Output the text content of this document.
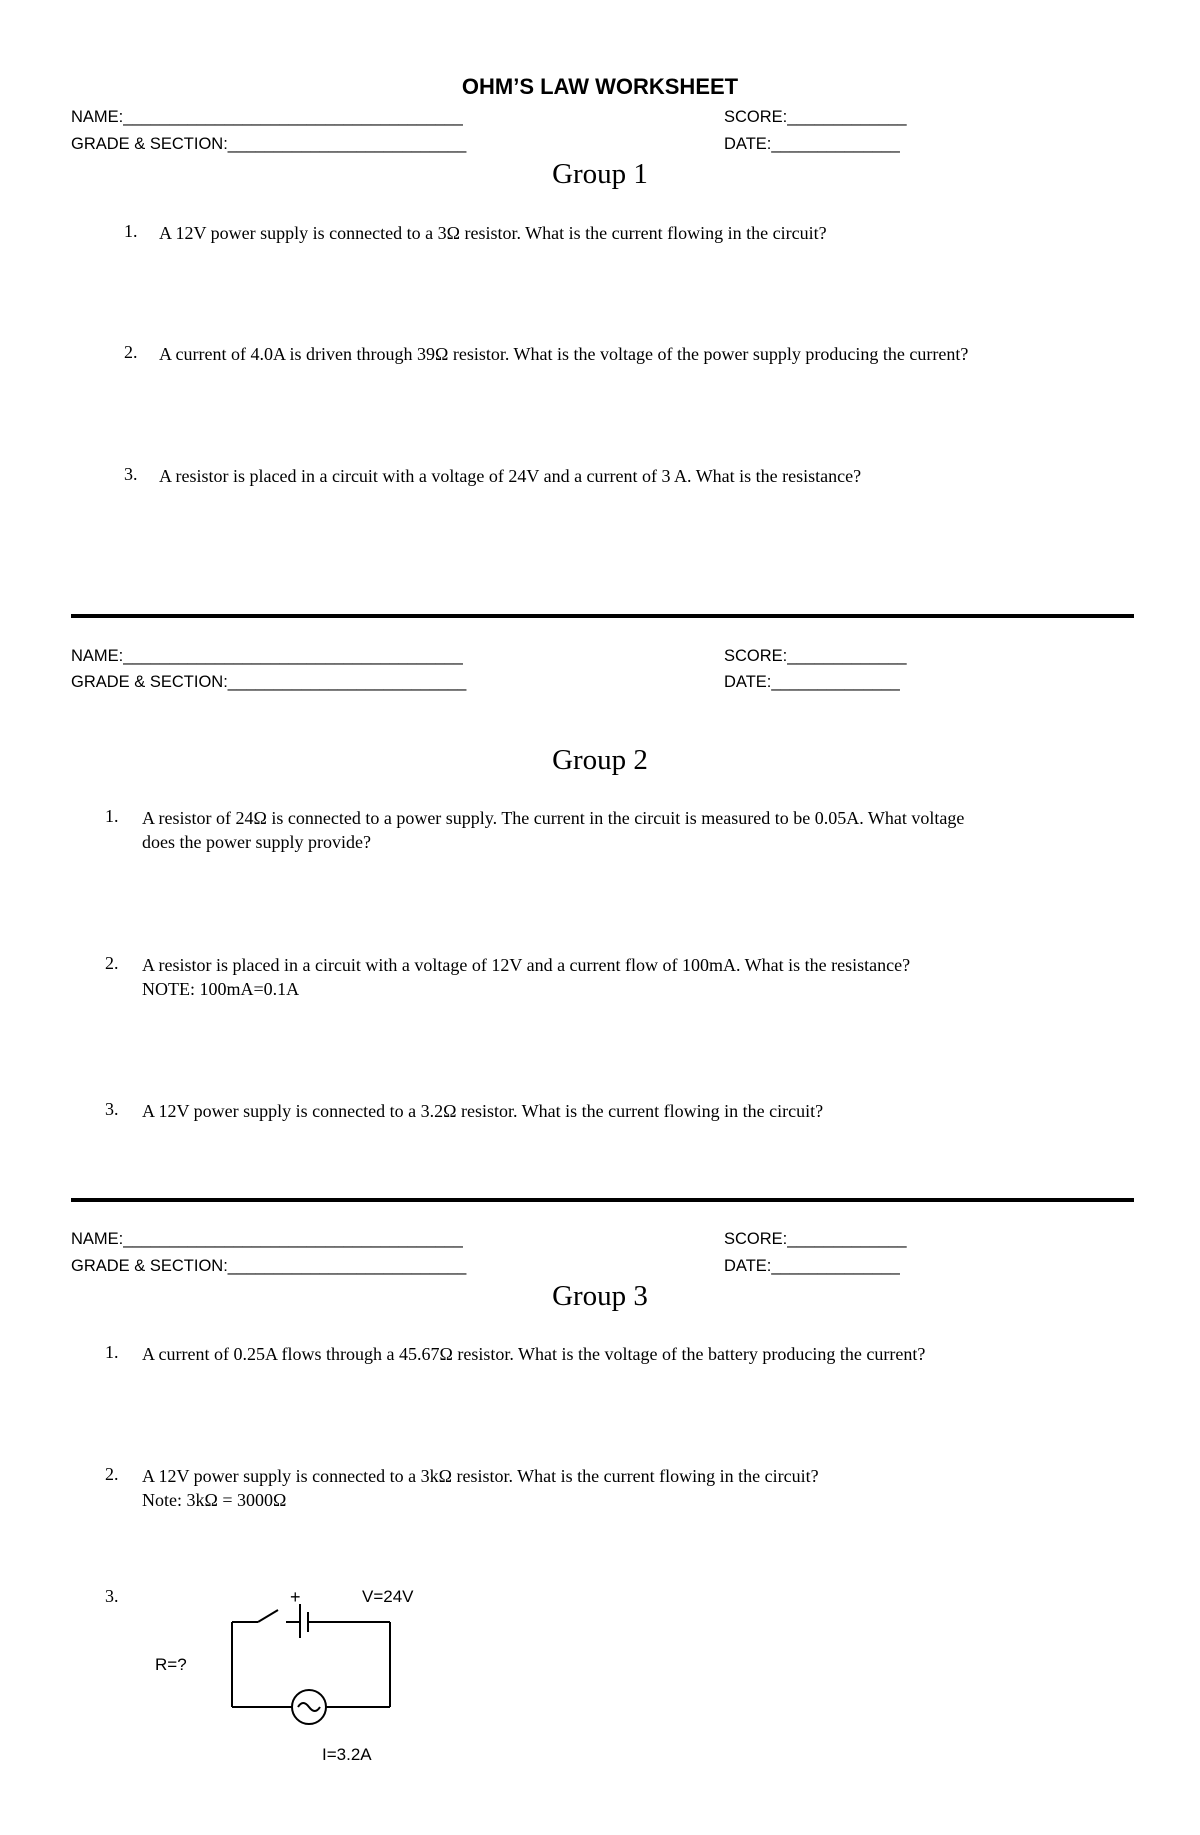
OHM’S LAW WORKSHEET
NAME:_____________________________________	SCORE:_____________
GRADE & SECTION:__________________________	DATE:______________
Group 1
1. A 12V power supply is connected to a 3Ω resistor. What is the current flowing in the circuit?
2. A current of 4.0A is driven through 39Ω resistor. What is the voltage of the power supply producing the current?
3. A resistor is placed in a circuit with a voltage of 24V and a current of 3 A. What is the resistance?
NAME:_____________________________________	SCORE:_____________
GRADE & SECTION:__________________________	DATE:______________
Group 2
1. A resistor of 24Ω is connected to a power supply. The current in the circuit is measured to be 0.05A. What voltage
does the power supply provide?
2. A resistor is placed in a circuit with a voltage of 12V and a current flow of 100mA. What is the resistance?
NOTE: 100mA=0.1A
3. A 12V power supply is connected to a 3.2Ω resistor. What is the current flowing in the circuit?
NAME:_____________________________________	SCORE:_____________
GRADE & SECTION:__________________________	DATE:______________
Group 3
1. A current of 0.25A flows through a 45.67Ω resistor. What is the voltage of the battery producing the current?
2. A 12V power supply is connected to a 3kΩ resistor. What is the current flowing in the circuit?
Note: 3kΩ = 3000Ω
3.	+	V=24V
R=?
I=3.2A
